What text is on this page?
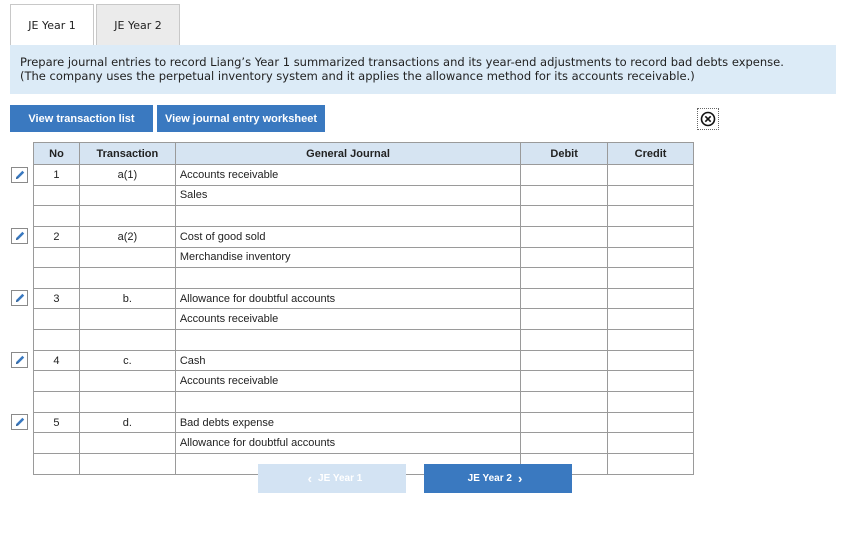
JE Year 1	JE Year 2
Prepare journal entries to record Liang’s Year 1 summarized transactions and its year-end adjustments to record bad debts expense.
(The company uses the perpetual inventory system and it applies the allowance method for its accounts receivable.)
View transaction list	View journal entry worksheet
No	Transaction	General Journal	Debit	Credit
1	a(1)	Accounts receivable		
		Sales		

2	a(2)	Cost of good sold		
		Merchandise inventory		

3	b.	Allowance for doubtful accounts		
		Accounts receivable		

4	c.	Cash		
		Accounts receivable		

5	d.	Bad debts expense		
		Allowance for doubtful accounts		

‹ JE Year 1	JE Year 2 ›
